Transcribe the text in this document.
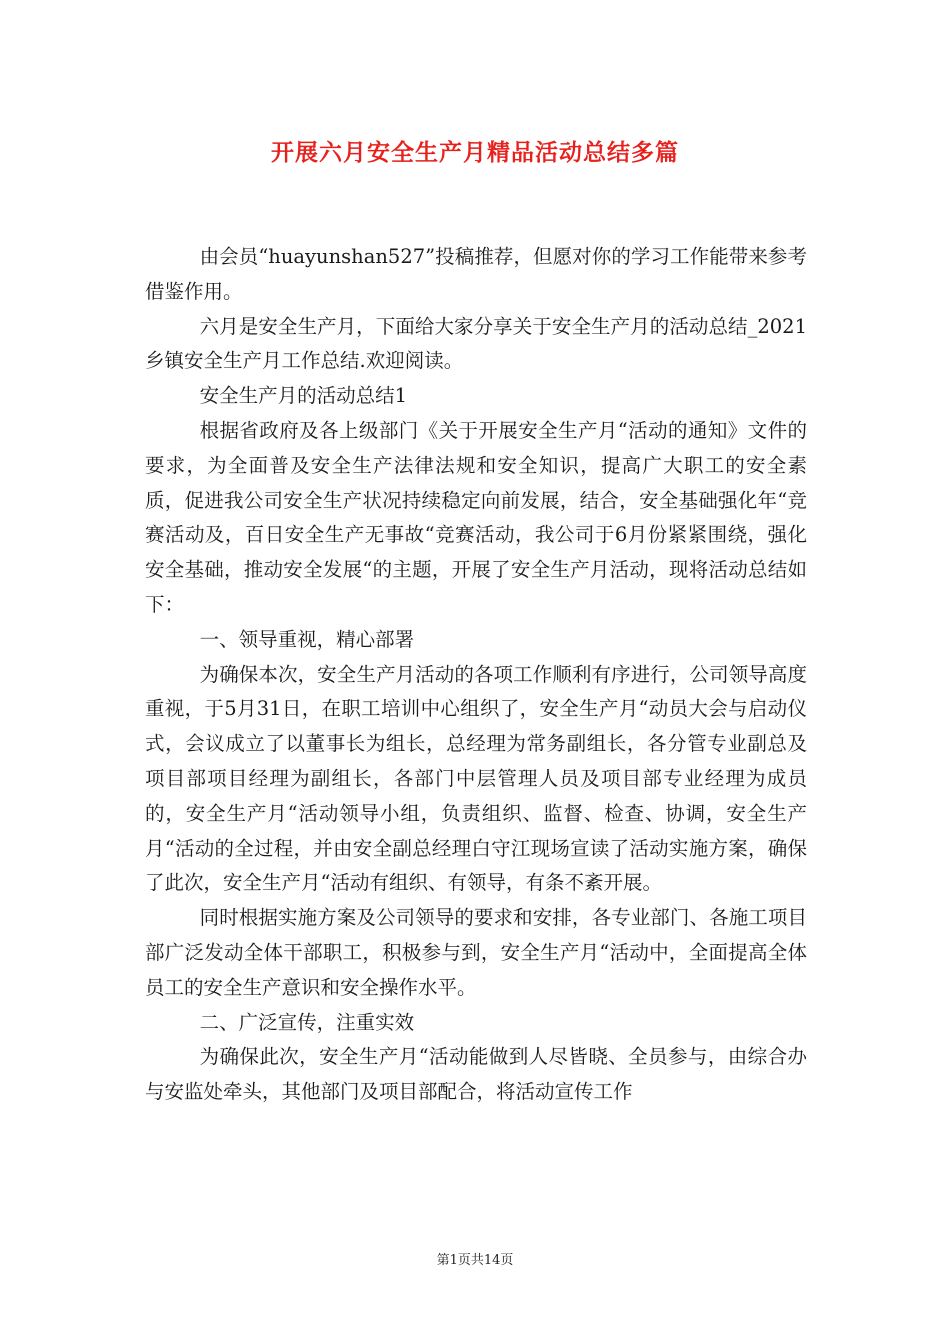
开展六月安全生产月精品活动总结多篇

由会员“huayunshan527”投稿推荐，但愿对你的学习工作能带来参考借鉴作用。

六月是安全生产月，下面给大家分享关于安全生产月的活动总结_2021乡镇安全生产月工作总结.欢迎阅读。

安全生产月的活动总结1

根据省政府及各上级部门《关于开展安全生产月“活动的通知》文件的要求，为全面普及安全生产法律法规和安全知识，提高广大职工的安全素质，促进我公司安全生产状况持续稳定向前发展，结合，安全基础强化年“竞赛活动及，百日安全生产无事故“竞赛活动，我公司于6月份紧紧围绕，强化安全基础，推动安全发展“的主题，开展了安全生产月活动，现将活动总结如下：

一、领导重视，精心部署

为确保本次，安全生产月活动的各项工作顺利有序进行，公司领导高度重视，于5月31日，在职工培训中心组织了，安全生产月“动员大会与启动仪式，会议成立了以董事长为组长，总经理为常务副组长，各分管专业副总及项目部项目经理为副组长，各部门中层管理人员及项目部专业经理为成员的，安全生产月“活动领导小组，负责组织、监督、检查、协调，安全生产月“活动的全过程，并由安全副总经理白守江现场宣读了活动实施方案，确保了此次，安全生产月“活动有组织、有领导，有条不紊开展。

同时根据实施方案及公司领导的要求和安排，各专业部门、各施工项目部广泛发动全体干部职工，积极参与到，安全生产月“活动中，全面提高全体员工的安全生产意识和安全操作水平。

二、广泛宣传，注重实效

为确保此次，安全生产月“活动能做到人尽皆晓、全员参与，由综合办与安监处牵头，其他部门及项目部配合，将活动宣传工作

第1页共14页
